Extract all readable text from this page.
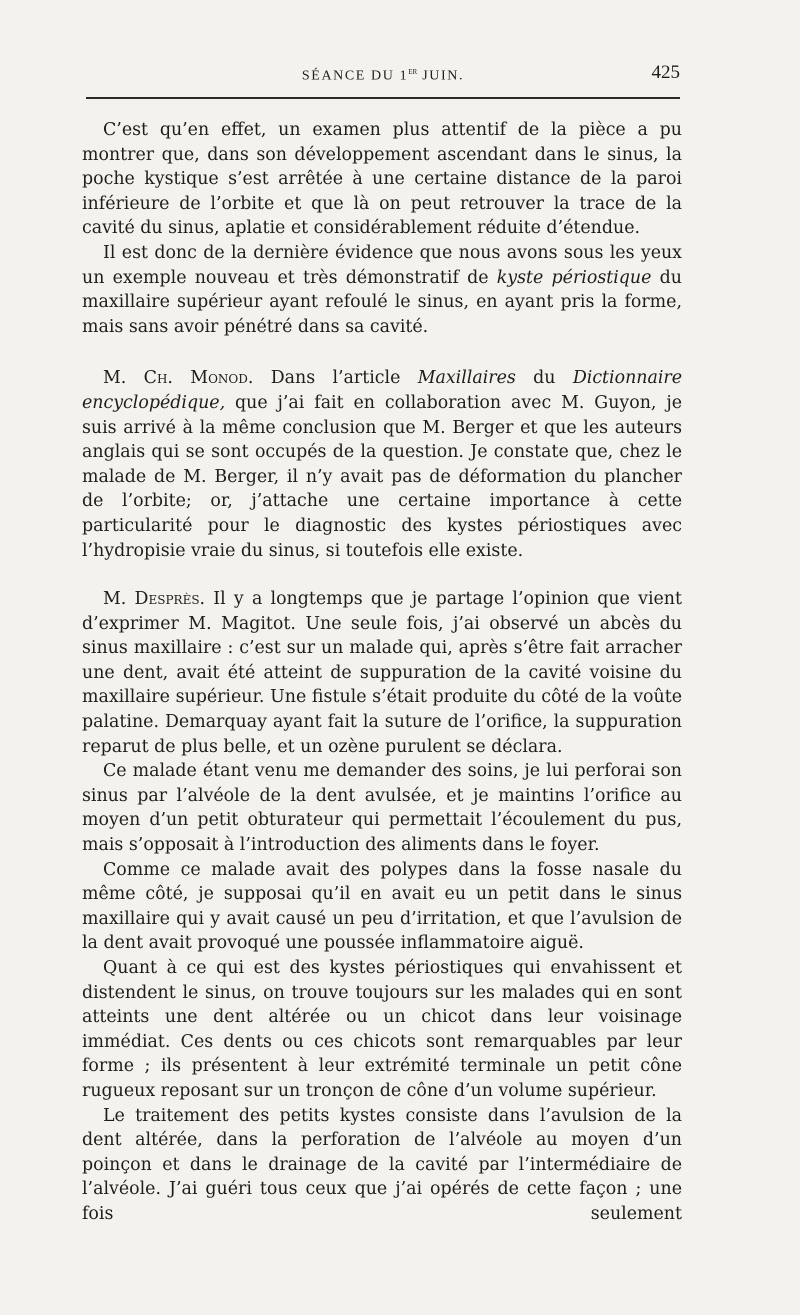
SÉANCE DU 1er JUIN.	425

C’est qu’en effet, un examen plus attentif de la pièce a pu montrer que, dans son développement ascendant dans le sinus, la poche kystique s’est arrêtée à une certaine distance de la paroi inférieure de l’orbite et que là on peut retrouver la trace de la cavité du sinus, aplatie et considérablement réduite d’étendue.

Il est donc de la dernière évidence que nous avons sous les yeux un exemple nouveau et très démonstratif de kyste périostique du maxillaire supérieur ayant refoulé le sinus, en ayant pris la forme, mais sans avoir pénétré dans sa cavité.

M. Ch. Monod. Dans l’article Maxillaires du Dictionnaire encyclopédique, que j’ai fait en collaboration avec M. Guyon, je suis arrivé à la même conclusion que M. Berger et que les auteurs anglais qui se sont occupés de la question. Je constate que, chez le malade de M. Berger, il n’y avait pas de déformation du plancher de l’orbite; or, j’attache une certaine importance à cette particularité pour le diagnostic des kystes périostiques avec l’hydropisie vraie du sinus, si toutefois elle existe.

M. Desprès. Il y a longtemps que je partage l’opinion que vient d’exprimer M. Magitot. Une seule fois, j’ai observé un abcès du sinus maxillaire : c’est sur un malade qui, après s’être fait arracher une dent, avait été atteint de suppuration de la cavité voisine du maxillaire supérieur. Une fistule s’était produite du côté de la voûte palatine. Demarquay ayant fait la suture de l’orifice, la suppuration reparut de plus belle, et un ozène purulent se déclara.

Ce malade étant venu me demander des soins, je lui perforai son sinus par l’alvéole de la dent avulsée, et je maintins l’orifice au moyen d’un petit obturateur qui permettait l’écoulement du pus, mais s’opposait à l’introduction des aliments dans le foyer.

Comme ce malade avait des polypes dans la fosse nasale du même côté, je supposai qu’il en avait eu un petit dans le sinus maxillaire qui y avait causé un peu d’irritation, et que l’avulsion de la dent avait provoqué une poussée inflammatoire aiguë.

Quant à ce qui est des kystes périostiques qui envahissent et distendent le sinus, on trouve toujours sur les malades qui en sont atteints une dent altérée ou un chicot dans leur voisinage immédiat. Ces dents ou ces chicots sont remarquables par leur forme ; ils présentent à leur extrémité terminale un petit cône rugueux reposant sur un tronçon de cône d’un volume supérieur.

Le traitement des petits kystes consiste dans l’avulsion de la dent altérée, dans la perforation de l’alvéole au moyen d’un poinçon et dans le drainage de la cavité par l’intermédiaire de l’alvéole. J’ai guéri tous ceux que j’ai opérés de cette façon ; une fois seulement
